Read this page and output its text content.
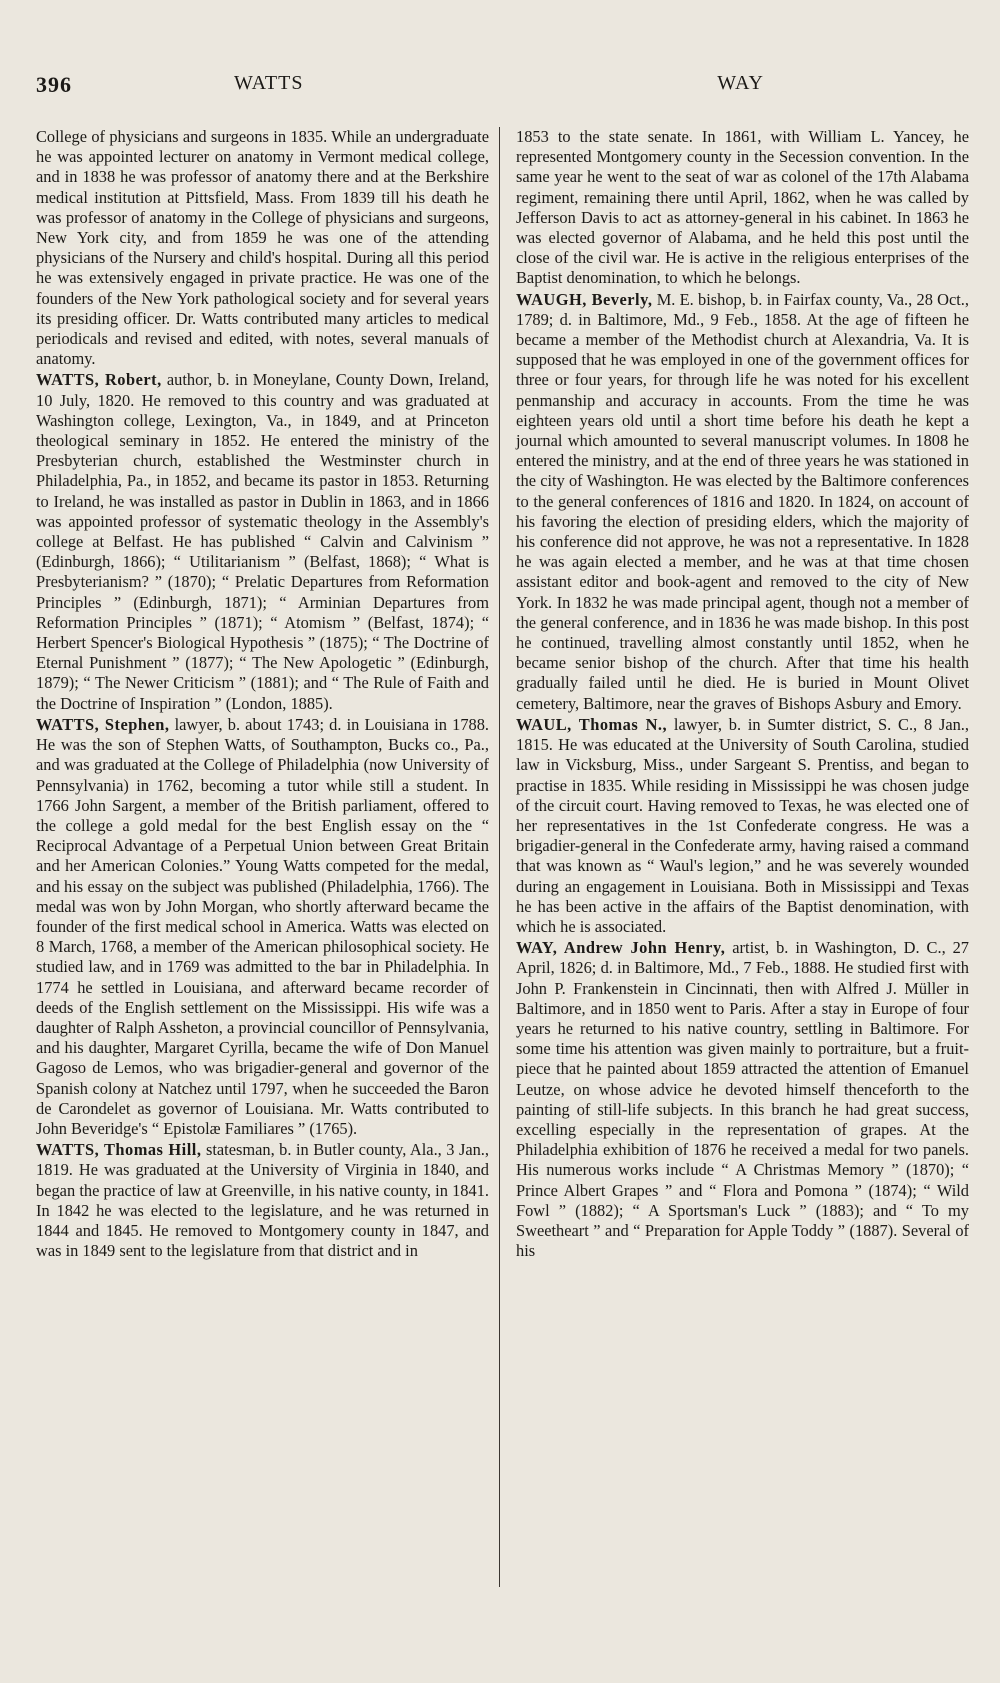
396	WATTS	WAY

College of physicians and surgeons in 1835. While an undergraduate he was appointed lecturer on anatomy in Vermont medical college, and in 1838 he was professor of anatomy there and at the Berkshire medical institution at Pittsfield, Mass. From 1839 till his death he was professor of anatomy in the College of physicians and surgeons, New York city, and from 1859 he was one of the attending physicians of the Nursery and child's hospital. During all this period he was extensively engaged in private practice. He was one of the founders of the New York pathological society and for several years its presiding officer. Dr. Watts contributed many articles to medical periodicals and revised and edited, with notes, several manuals of anatomy.

WATTS, Robert, author, b. in Moneylane, County Down, Ireland, 10 July, 1820. He removed to this country and was graduated at Washington college, Lexington, Va., in 1849, and at Princeton theological seminary in 1852. He entered the ministry of the Presbyterian church, established the Westminster church in Philadelphia, Pa., in 1852, and became its pastor in 1853. Returning to Ireland, he was installed as pastor in Dublin in 1863, and in 1866 was appointed professor of systematic theology in the Assembly's college at Belfast. He has published “ Calvin and Calvinism ” (Edinburgh, 1866); “ Utilitarianism ” (Belfast, 1868); “ What is Presbyterianism? ” (1870); “ Prelatic Departures from Reformation Principles ” (Edinburgh, 1871); “ Arminian Departures from Reformation Principles ” (1871); “ Atomism ” (Belfast, 1874); “ Herbert Spencer's Biological Hypothesis ” (1875); “ The Doctrine of Eternal Punishment ” (1877); “ The New Apologetic ” (Edinburgh, 1879); “ The Newer Criticism ” (1881); and “ The Rule of Faith and the Doctrine of Inspiration ” (London, 1885).

WATTS, Stephen, lawyer, b. about 1743; d. in Louisiana in 1788. He was the son of Stephen Watts, of Southampton, Bucks co., Pa., and was graduated at the College of Philadelphia (now University of Pennsylvania) in 1762, becoming a tutor while still a student. In 1766 John Sargent, a member of the British parliament, offered to the college a gold medal for the best English essay on the “ Reciprocal Advantage of a Perpetual Union between Great Britain and her American Colonies.” Young Watts competed for the medal, and his essay on the subject was published (Philadelphia, 1766). The medal was won by John Morgan, who shortly afterward became the founder of the first medical school in America. Watts was elected on 8 March, 1768, a member of the American philosophical society. He studied law, and in 1769 was admitted to the bar in Philadelphia. In 1774 he settled in Louisiana, and afterward became recorder of deeds of the English settlement on the Mississippi. His wife was a daughter of Ralph Assheton, a provincial councillor of Pennsylvania, and his daughter, Margaret Cyrilla, became the wife of Don Manuel Gagoso de Lemos, who was brigadier-general and governor of the Spanish colony at Natchez until 1797, when he succeeded the Baron de Carondelet as governor of Louisiana. Mr. Watts contributed to John Beveridge's “ Epistolæ Familiares ” (1765).

WATTS, Thomas Hill, statesman, b. in Butler county, Ala., 3 Jan., 1819. He was graduated at the University of Virginia in 1840, and began the practice of law at Greenville, in his native county, in 1841. In 1842 he was elected to the legislature, and he was returned in 1844 and 1845. He removed to Montgomery county in 1847, and was in 1849 sent to the legislature from that district and in

1853 to the state senate. In 1861, with William L. Yancey, he represented Montgomery county in the Secession convention. In the same year he went to the seat of war as colonel of the 17th Alabama regiment, remaining there until April, 1862, when he was called by Jefferson Davis to act as attorney-general in his cabinet. In 1863 he was elected governor of Alabama, and he held this post until the close of the civil war. He is active in the religious enterprises of the Baptist denomination, to which he belongs.

WAUGH, Beverly, M. E. bishop, b. in Fairfax county, Va., 28 Oct., 1789; d. in Baltimore, Md., 9 Feb., 1858. At the age of fifteen he became a member of the Methodist church at Alexandria, Va. It is supposed that he was employed in one of the government offices for three or four years, for through life he was noted for his excellent penmanship and accuracy in accounts. From the time he was eighteen years old until a short time before his death he kept a journal which amounted to several manuscript volumes. In 1808 he entered the ministry, and at the end of three years he was stationed in the city of Washington. He was elected by the Baltimore conferences to the general conferences of 1816 and 1820. In 1824, on account of his favoring the election of presiding elders, which the majority of his conference did not approve, he was not a representative. In 1828 he was again elected a member, and he was at that time chosen assistant editor and book-agent and removed to the city of New York. In 1832 he was made principal agent, though not a member of the general conference, and in 1836 he was made bishop. In this post he continued, travelling almost constantly until 1852, when he became senior bishop of the church. After that time his health gradually failed until he died. He is buried in Mount Olivet cemetery, Baltimore, near the graves of Bishops Asbury and Emory.

WAUL, Thomas N., lawyer, b. in Sumter district, S. C., 8 Jan., 1815. He was educated at the University of South Carolina, studied law in Vicksburg, Miss., under Sargeant S. Prentiss, and began to practise in 1835. While residing in Mississippi he was chosen judge of the circuit court. Having removed to Texas, he was elected one of her representatives in the 1st Confederate congress. He was a brigadier-general in the Confederate army, having raised a command that was known as “ Waul's legion,” and he was severely wounded during an engagement in Louisiana. Both in Mississippi and Texas he has been active in the affairs of the Baptist denomination, with which he is associated.

WAY, Andrew John Henry, artist, b. in Washington, D. C., 27 April, 1826; d. in Baltimore, Md., 7 Feb., 1888. He studied first with John P. Frankenstein in Cincinnati, then with Alfred J. Müller in Baltimore, and in 1850 went to Paris. After a stay in Europe of four years he returned to his native country, settling in Baltimore. For some time his attention was given mainly to portraiture, but a fruit-piece that he painted about 1859 attracted the attention of Emanuel Leutze, on whose advice he devoted himself thenceforth to the painting of still-life subjects. In this branch he had great success, excelling especially in the representation of grapes. At the Philadelphia exhibition of 1876 he received a medal for two panels. His numerous works include “ A Christmas Memory ” (1870); “ Prince Albert Grapes ” and “ Flora and Pomona ” (1874); “ Wild Fowl ” (1882); “ A Sportsman's Luck ” (1883); and “ To my Sweetheart ” and “ Preparation for Apple Toddy ” (1887). Several of his
